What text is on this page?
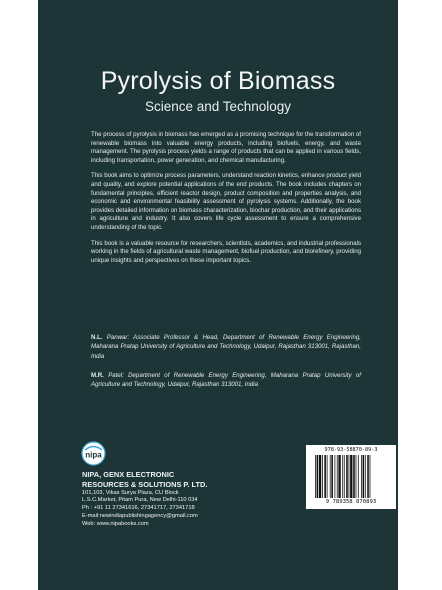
Pyrolysis of Biomass
Science and Technology

The process of pyrolysis in biomass has emerged as a promising technique for the transformation of renewable biomass into valuable energy products, including biofuels, energy, and waste management. The pyrolysis process yields a range of products that can be applied in various fields, including transportation, power generation, and chemical manufacturing.

This book aims to optimize process parameters, understand reaction kinetics, enhance product yield and quality, and explore potential applications of the end products. The book includes chapters on fundamental principles, efficient reactor design, product composition and properties analysis, and economic and environmental feasibility assessment of pyrolysis systems. Additionally, the book provides detailed information on biomass characterization, biochar production, and their applications in agriculture and industry. It also covers life cycle assessment to ensure a comprehensive understanding of the topic.

This book is a valuable resource for researchers, scientists, academics, and industrial professionals working in the fields of agricultural waste management, biofuel production, and biorefinery, providing unique insights and perspectives on these important topics.

N.L. Panwar: Associate Professor & Head, Department of Renewable Energy Engineering, Maharana Pratap University of Agriculture and Technology, Udaipur, Rajasthan 313001, Rajasthan, India

M.R. Patel: Department of Renewable Energy Engineering, Maharana Pratap University of Agriculture and Technology, Udaipur, Rajasthan 313001, India

nipa
NIPA, GENX ELECTRONIC
RESOURCES & SOLUTIONS P. LTD.
101,103, Vikas Surya Plaza, CU Block
L.S.C.Market, Pitam Pura, New Delhi-110 034
Ph : +91 11 27341616, 27341717, 27341718
E-mail:newindiapublishingagency@gmail.com
Web: www.nipabooks.com
978-93-58870-89-3
9 789358 870893
